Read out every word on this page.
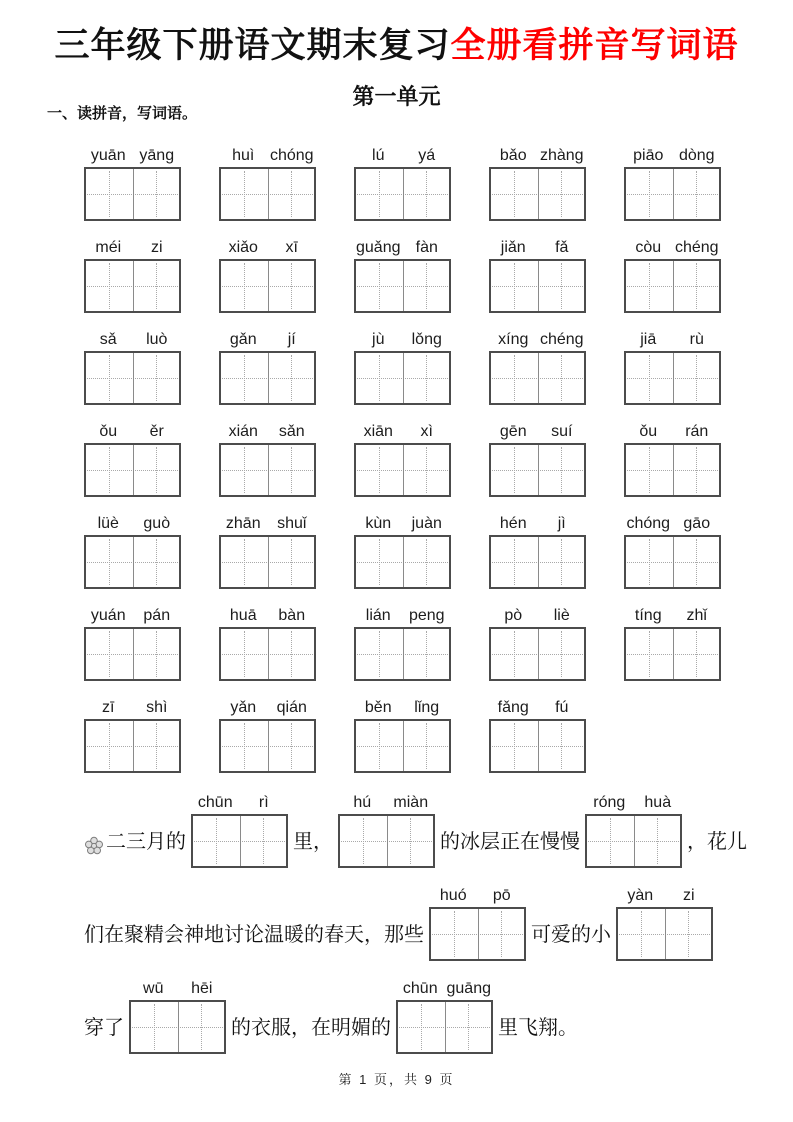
三年级下册语文期末复习全册看拼音写词语
第一单元
一、读拼音，写词语。
yuān yāng	huì chóng	lú	yá	bǎo zhàng	piāo dòng
méi	zi	xiǎo	xī	guǎng fàn	jiǎn	fǎ	còu chéng
sǎ	luò	gǎn	jí	jù	lǒng	xíng chéng	jiā	rù
ǒu	ěr	xián	sǎn	xiān	xì	gēn	suí	ǒu	rán
lüè	guò	zhān	shuǐ	kùn	juàn	hén	jì	chóng gāo
yuán	pán	huā	bàn	lián	peng	pò	liè	tíng	zhǐ
zī	shì	yǎn	qián	běn	lǐng	fǎng	fú
二三月的
chūn	rì
里，
hú	miàn
的冰层正在慢慢
róng	huà
，花儿
们在聚精会神地讨论温暖的春天，那些
huó	pō
可爱的小
yàn	zi
穿了
wū	hēi
的衣服，在明媚的
chūn guāng
里飞翔。
第 1 页，共 9 页
